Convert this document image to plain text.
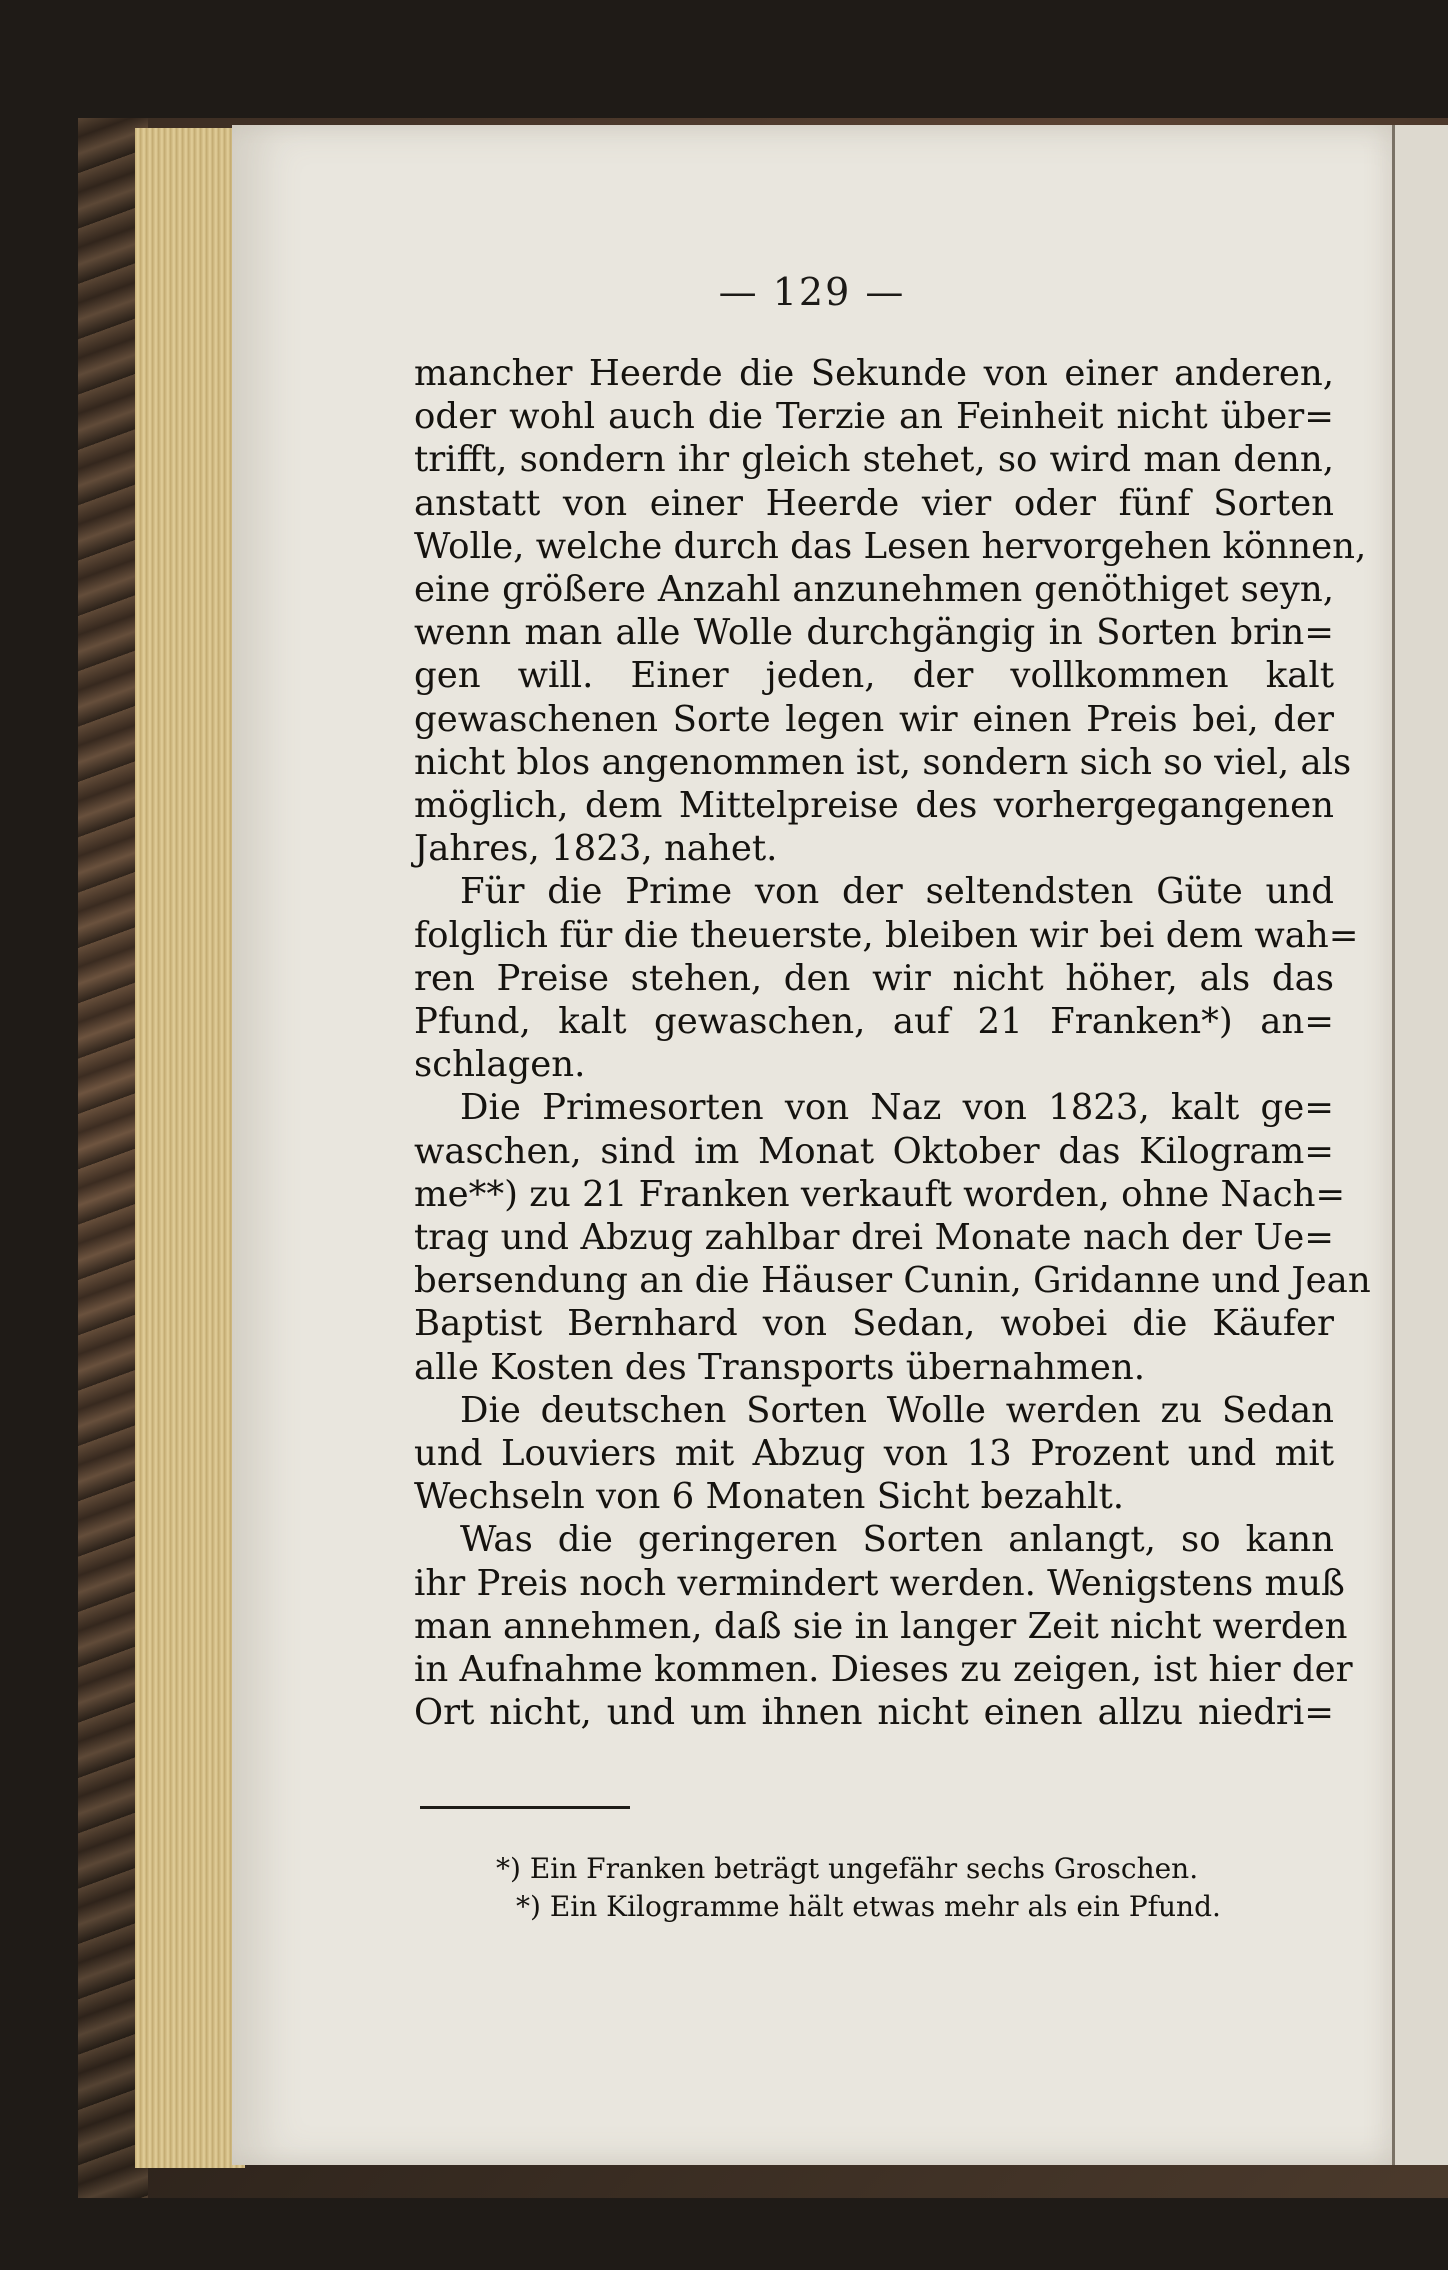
— 129 —
mancher Heerde die Sekunde von einer anderen,
oder wohl auch die Terzie an Feinheit nicht über=
trifft, sondern ihr gleich stehet, so wird man denn,
anstatt von einer Heerde vier oder fünf Sorten
Wolle, welche durch das Lesen hervorgehen können,
eine größere Anzahl anzunehmen genöthiget seyn,
wenn man alle Wolle durchgängig in Sorten brin=
gen will. Einer jeden, der vollkommen kalt
gewaschenen Sorte legen wir einen Preis bei, der
nicht blos angenommen ist, sondern sich so viel, als
möglich, dem Mittelpreise des vorhergegangenen
Jahres, 1823, nahet.
Für die Prime von der seltendsten Güte und
folglich für die theuerste, bleiben wir bei dem wah=
ren Preise stehen, den wir nicht höher, als das
Pfund, kalt gewaschen, auf 21 Franken*) an=
schlagen.
Die Primesorten von Naz von 1823, kalt ge=
waschen, sind im Monat Oktober das Kilogram=
me**) zu 21 Franken verkauft worden, ohne Nach=
trag und Abzug zahlbar drei Monate nach der Ue=
bersendung an die Häuser Cunin, Gridanne und Jean
Baptist Bernhard von Sedan, wobei die Käufer
alle Kosten des Transports übernahmen.
Die deutschen Sorten Wolle werden zu Sedan
und Louviers mit Abzug von 13 Prozent und mit
Wechseln von 6 Monaten Sicht bezahlt.
Was die geringeren Sorten anlangt, so kann
ihr Preis noch vermindert werden. Wenigstens muß
man annehmen, daß sie in langer Zeit nicht werden
in Aufnahme kommen. Dieses zu zeigen, ist hier der
Ort nicht, und um ihnen nicht einen allzu niedri=
*) Ein Franken beträgt ungefähr sechs Groschen.
*) Ein Kilogramme hält etwas mehr als ein Pfund.
